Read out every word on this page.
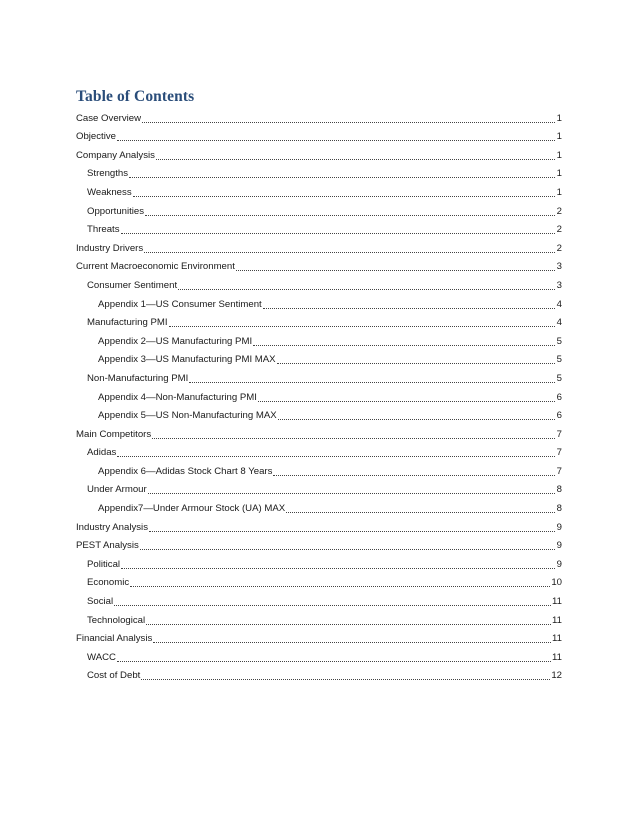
Table of Contents
Case Overview	1
Objective	1
Company Analysis	1
Strengths	1
Weakness	1
Opportunities	2
Threats	2
Industry Drivers	2
Current Macroeconomic Environment	3
Consumer Sentiment	3
Appendix 1—US Consumer Sentiment	4
Manufacturing PMI	4
Appendix 2—US Manufacturing PMI	5
Appendix 3—US Manufacturing PMI MAX	5
Non-Manufacturing PMI	5
Appendix 4—Non-Manufacturing PMI	6
Appendix 5—US Non-Manufacturing MAX	6
Main Competitors	7
Adidas	7
Appendix 6—Adidas Stock Chart 8 Years	7
Under Armour	8
Appendix7—Under Armour Stock (UA) MAX	8
Industry Analysis	9
PEST Analysis	9
Political	9
Economic	10
Social	11
Technological	11
Financial Analysis	11
WACC	11
Cost of Debt	12
